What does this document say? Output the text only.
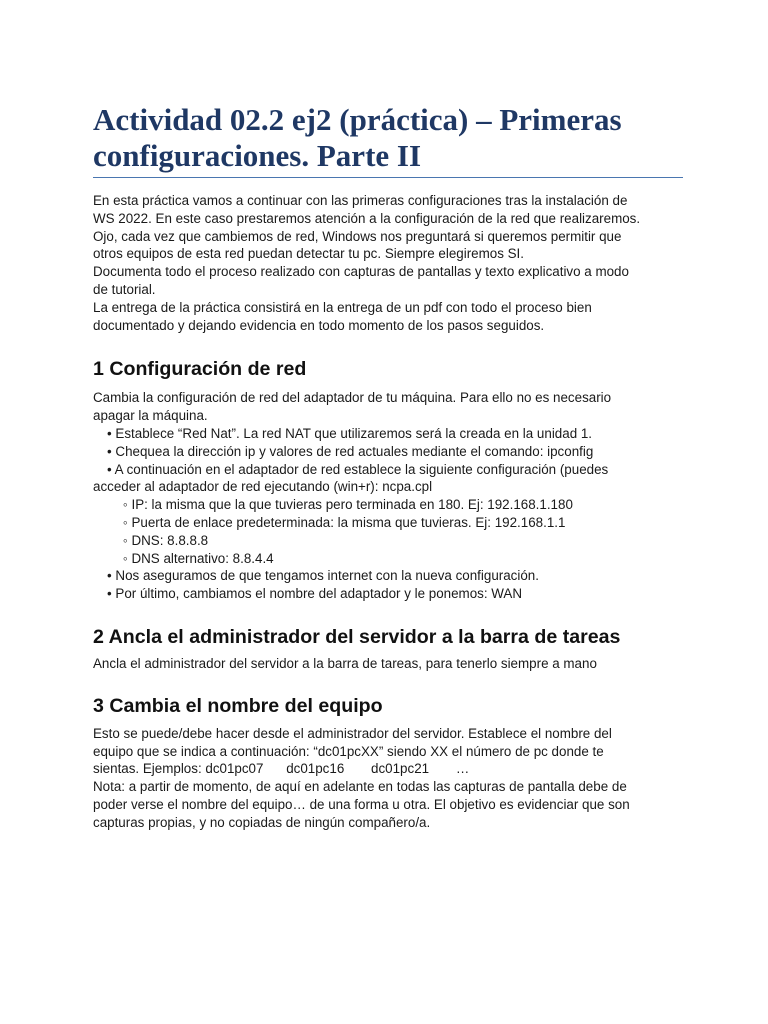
Actividad 02.2 ej2 (práctica) – Primeras
configuraciones. Parte II
En esta práctica vamos a continuar con las primeras configuraciones tras la instalación de
WS 2022. En este caso prestaremos atención a la configuración de la red que realizaremos.
Ojo, cada vez que cambiemos de red, Windows nos preguntará si queremos permitir que
otros equipos de esta red puedan detectar tu pc. Siempre elegiremos SI.
Documenta todo el proceso realizado con capturas de pantallas y texto explicativo a modo
de tutorial.
La entrega de la práctica consistirá en la entrega de un pdf con todo el proceso bien
documentado y dejando evidencia en todo momento de los pasos seguidos.
1 Configuración de red
Cambia la configuración de red del adaptador de tu máquina. Para ello no es necesario
apagar la máquina.
• Establece “Red Nat”. La red NAT que utilizaremos será la creada en la unidad 1.
• Chequea la dirección ip y valores de red actuales mediante el comando: ipconfig
• A continuación en el adaptador de red establece la siguiente configuración (puedes
acceder al adaptador de red ejecutando (win+r): ncpa.cpl
◦ IP: la misma que la que tuvieras pero terminada en 180. Ej: 192.168.1.180
◦ Puerta de enlace predeterminada: la misma que tuvieras. Ej: 192.168.1.1
◦ DNS: 8.8.8.8
◦ DNS alternativo: 8.8.4.4
• Nos aseguramos de que tengamos internet con la nueva configuración.
• Por último, cambiamos el nombre del adaptador y le ponemos: WAN
2 Ancla el administrador del servidor a la barra de tareas

Ancla el administrador del servidor a la barra de tareas, para tenerlo siempre a mano

3 Cambia el nombre del equipo
Esto se puede/debe hacer desde el administrador del servidor. Establece el nombre del
equipo que se indica a continuación: “dc01pcXX” siendo XX el número de pc donde te
sientas. Ejemplos: dc01pc07 dc01pc16 dc01pc21 …
Nota: a partir de momento, de aquí en adelante en todas las capturas de pantalla debe de
poder verse el nombre del equipo… de una forma u otra. El objetivo es evidenciar que son
capturas propias, y no copiadas de ningún compañero/a.
